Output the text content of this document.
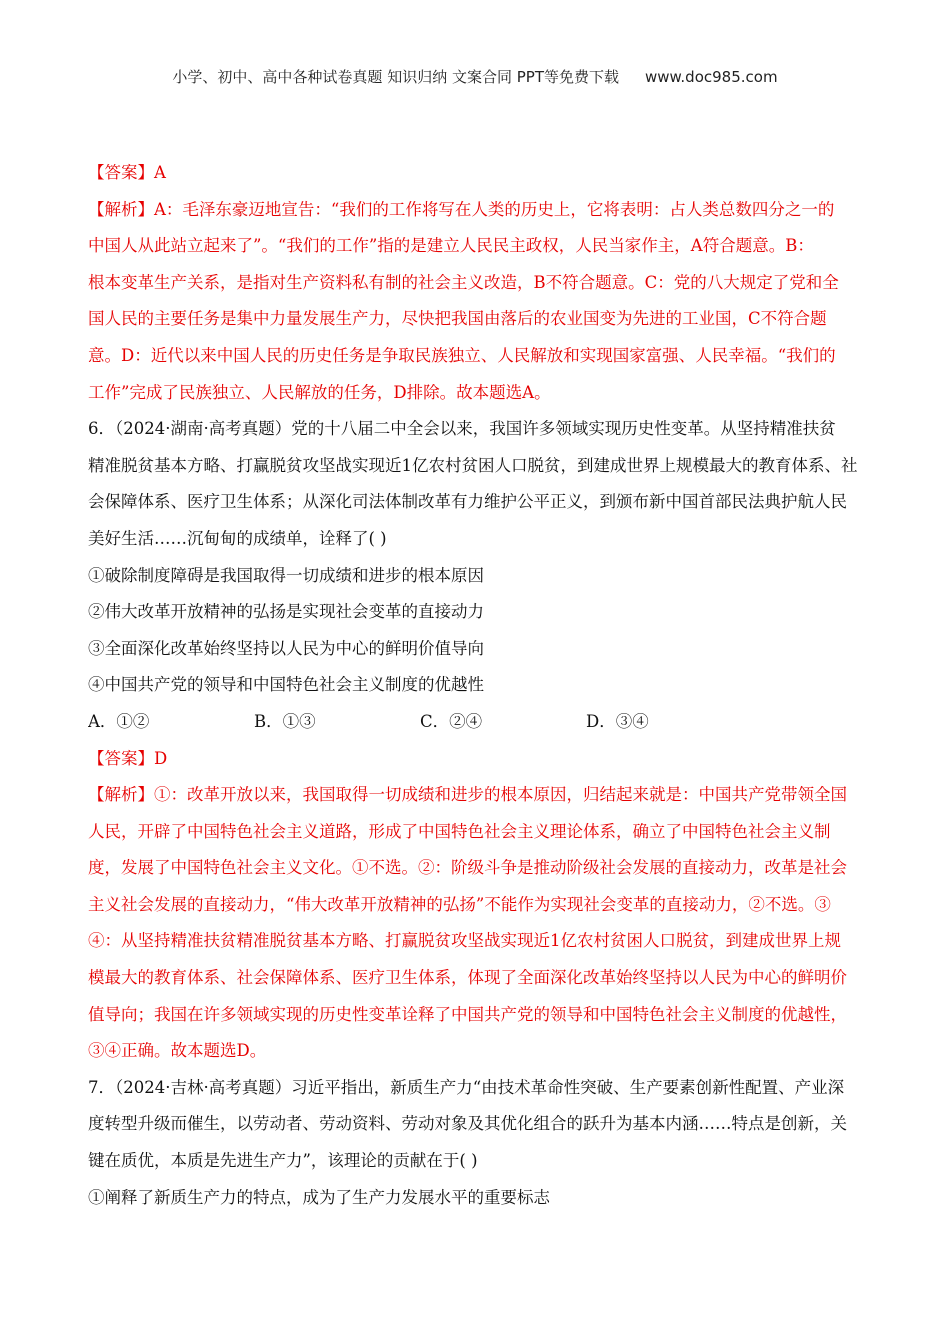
小学、初中、高中各种试卷真题 知识归纳 文案合同 PPT等免费下载 www.doc985.com
【答案】A
【解析】A：毛泽东豪迈地宣告：“我们的工作将写在人类的历史上，它将表明：占人类总数四分之一的
中国人从此站立起来了”。“我们的工作”指的是建立人民民主政权，人民当家作主，A符合题意。B：
根本变革生产关系，是指对生产资料私有制的社会主义改造，B不符合题意。C：党的八大规定了党和全
国人民的主要任务是集中力量发展生产力，尽快把我国由落后的农业国变为先进的工业国，C不符合题
意。D：近代以来中国人民的历史任务是争取民族独立、人民解放和实现国家富强、人民幸福。“我们的
工作”完成了民族独立、人民解放的任务，D排除。故本题选A。
6．（2024·湖南·高考真题）党的十八届二中全会以来，我国许多领域实现历史性变革。从坚持精准扶贫
精准脱贫基本方略、打赢脱贫攻坚战实现近1亿农村贫困人口脱贫，到建成世界上规模最大的教育体系、社
会保障体系、医疗卫生体系；从深化司法体制改革有力维护公平正义，到颁布新中国首部民法典护航人民
美好生活……沉甸甸的成绩单，诠释了( )
①破除制度障碍是我国取得一切成绩和进步的根本原因
②伟大改革开放精神的弘扬是实现社会变革的直接动力
③全面深化改革始终坚持以人民为中心的鲜明价值导向
④中国共产党的领导和中国特色社会主义制度的优越性
A．①②	B．①③	C．②④	D．③④
【答案】D
【解析】①：改革开放以来，我国取得一切成绩和进步的根本原因，归结起来就是：中国共产党带领全国
人民，开辟了中国特色社会主义道路，形成了中国特色社会主义理论体系，确立了中国特色社会主义制
度，发展了中国特色社会主义文化。①不选。②：阶级斗争是推动阶级社会发展的直接动力，改革是社会
主义社会发展的直接动力，“伟大改革开放精神的弘扬”不能作为实现社会变革的直接动力，②不选。③
④：从坚持精准扶贫精准脱贫基本方略、打赢脱贫攻坚战实现近1亿农村贫困人口脱贫，到建成世界上规
模最大的教育体系、社会保障体系、医疗卫生体系，体现了全面深化改革始终坚持以人民为中心的鲜明价
值导向；我国在许多领域实现的历史性变革诠释了中国共产党的领导和中国特色社会主义制度的优越性，
③④正确。故本题选D。
7．（2024·吉林·高考真题）习近平指出，新质生产力“由技术革命性突破、生产要素创新性配置、产业深
度转型升级而催生，以劳动者、劳动资料、劳动对象及其优化组合的跃升为基本内涵……特点是创新，关
键在质优，本质是先进生产力”，该理论的贡献在于( )
①阐释了新质生产力的特点，成为了生产力发展水平的重要标志
